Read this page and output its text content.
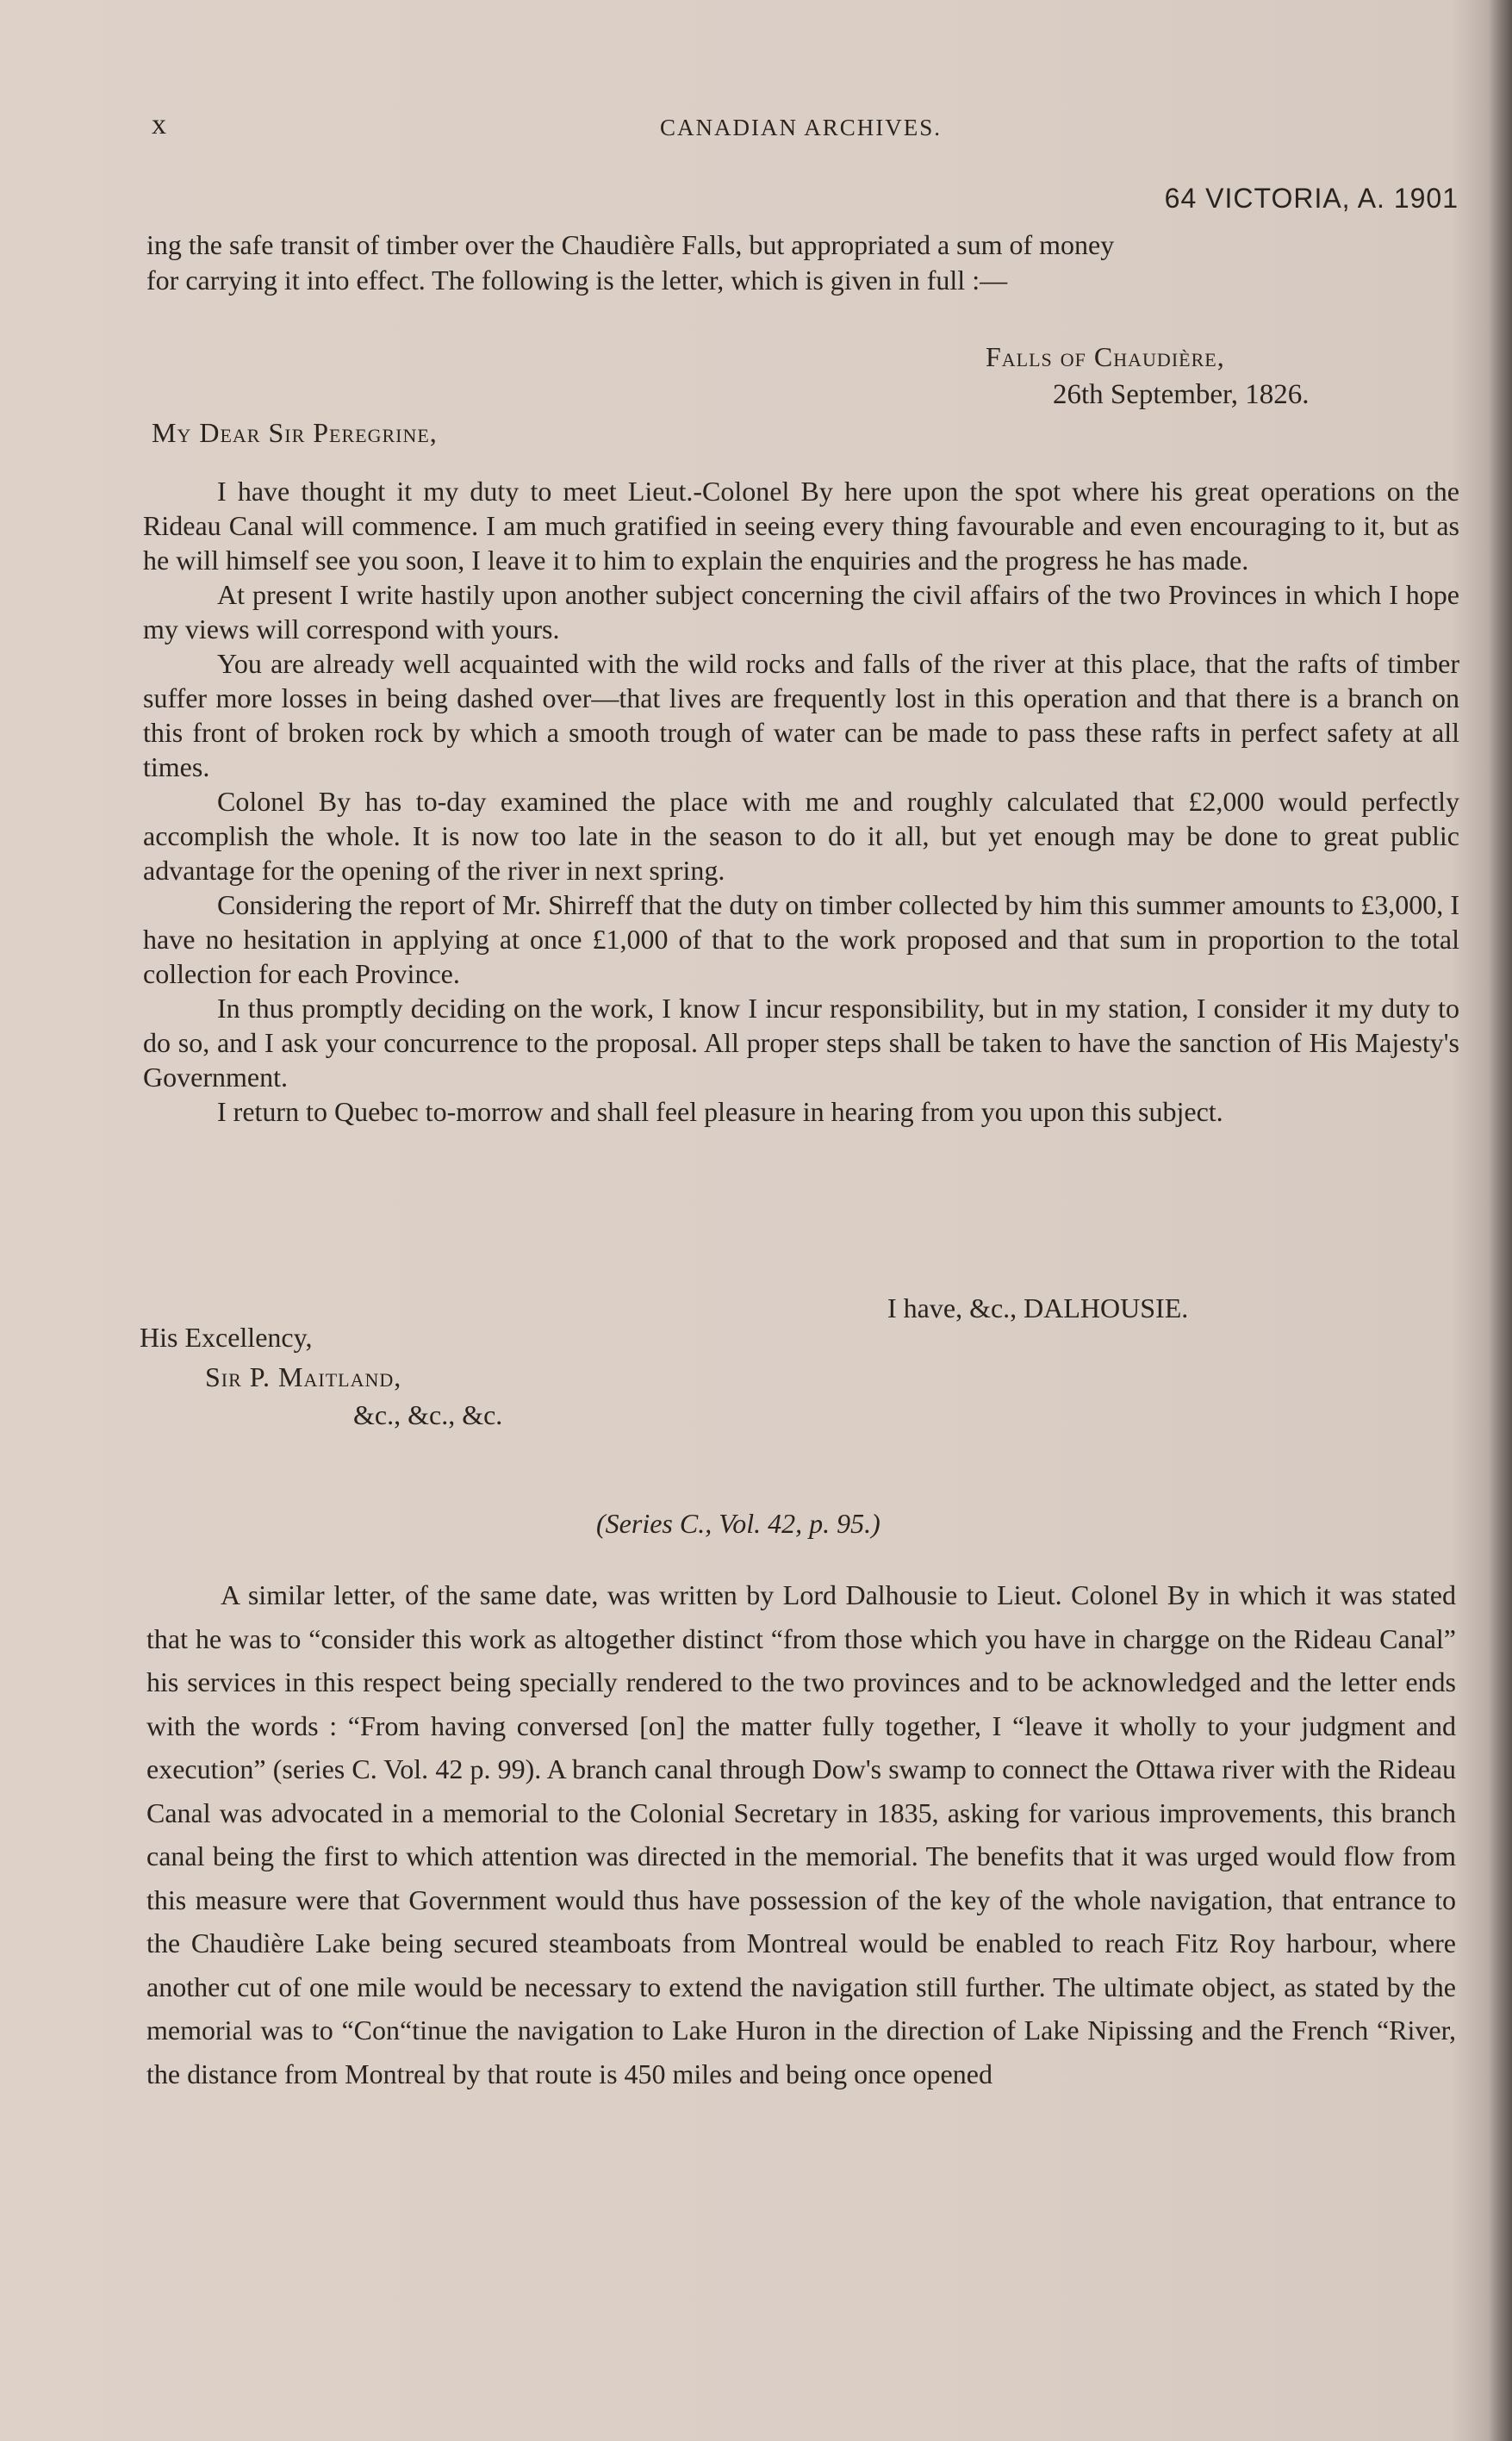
x	CANADIAN ARCHIVES.
64 VICTORIA, A. 1901
ing the safe transit of timber over the Chaudière Falls, but appropriated a sum of money
for carrying it into effect. The following is the letter, which is given in full :—
Falls of Chaudière,
26th September, 1826.
My Dear Sir Peregrine,

I have thought it my duty to meet Lieut.-Colonel By here upon the spot where his great operations on the Rideau Canal will commence. I am much gratified in seeing every thing favourable and even encouraging to it, but as he will himself see you soon, I leave it to him to explain the enquiries and the progress he has made.

At present I write hastily upon another subject concerning the civil affairs of the two Provinces in which I hope my views will correspond with yours.

You are already well acquainted with the wild rocks and falls of the river at this place, that the rafts of timber suffer more losses in being dashed over—that lives are frequently lost in this operation and that there is a branch on this front of broken rock by which a smooth trough of water can be made to pass these rafts in perfect safety at all times.

Colonel By has to-day examined the place with me and roughly calculated that £2,000 would perfectly accomplish the whole. It is now too late in the season to do it all, but yet enough may be done to great public advantage for the opening of the river in next spring.

Considering the report of Mr. Shirreff that the duty on timber collected by him this summer amounts to £3,000, I have no hesitation in applying at once £1,000 of that to the work proposed and that sum in proportion to the total collection for each Province.

In thus promptly deciding on the work, I know I incur responsibility, but in my station, I consider it my duty to do so, and I ask your concurrence to the proposal. All proper steps shall be taken to have the sanction of His Majesty's Government.

I return to Quebec to-morrow and shall feel pleasure in hearing from you upon this subject.

I have, &c., DALHOUSIE.
His Excellency,
Sir P. Maitland,
&c., &c., &c.
(Series C., Vol. 42, p. 95.)

A similar letter, of the same date, was written by Lord Dalhousie to Lieut. Colonel By in which it was stated that he was to “consider this work as altogether distinct “from those which you have in chargge on the Rideau Canal” his services in this respect being specially rendered to the two provinces and to be acknowledged and the letter ends with the words : “From having conversed [on] the matter fully together, I “leave it wholly to your judgment and execution” (series C. Vol. 42 p. 99). A branch canal through Dow's swamp to connect the Ottawa river with the Rideau Canal was advocated in a memorial to the Colonial Secretary in 1835, asking for various improvements, this branch canal being the first to which attention was directed in the memorial. The benefits that it was urged would flow from this measure were that Government would thus have possession of the key of the whole navigation, that entrance to the Chaudière Lake being secured steamboats from Montreal would be enabled to reach Fitz Roy harbour, where another cut of one mile would be necessary to extend the navigation still further. The ultimate object, as stated by the memorial was to “Con“tinue the navigation to Lake Huron in the direction of Lake Nipissing and the French “River, the distance from Montreal by that route is 450 miles and being once opened
